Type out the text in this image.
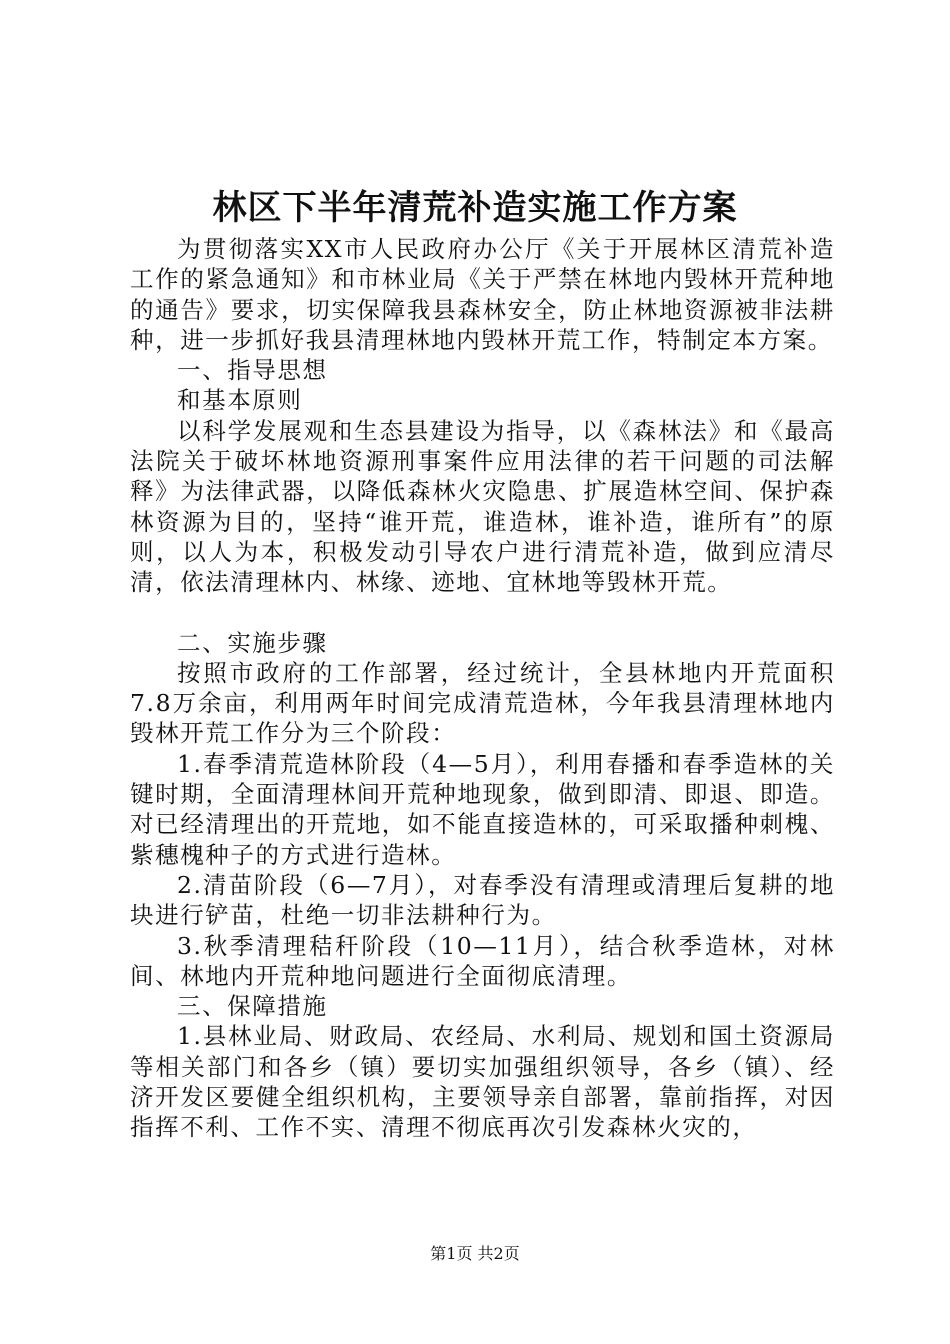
林区下半年清荒补造实施工作方案

为贯彻落实XX市人民政府办公厅《关于开展林区清荒补造工作的紧急通知》和市林业局《关于严禁在林地内毁林开荒种地的通告》要求，切实保障我县森林安全，防止林地资源被非法耕种，进一步抓好我县清理林地内毁林开荒工作，特制定本方案。

一、指导思想

和基本原则

以科学发展观和生态县建设为指导，以《森林法》和《最高法院关于破坏林地资源刑事案件应用法律的若干问题的司法解释》为法律武器，以降低森林火灾隐患、扩展造林空间、保护森林资源为目的，坚持“谁开荒，谁造林，谁补造，谁所有”的原则，以人为本，积极发动引导农户进行清荒补造，做到应清尽清，依法清理林内、林缘、迹地、宜林地等毁林开荒。

二、实施步骤

按照市政府的工作部署，经过统计，全县林地内开荒面积7.8万余亩，利用两年时间完成清荒造林，今年我县清理林地内毁林开荒工作分为三个阶段：

1.春季清荒造林阶段（4—5月），利用春播和春季造林的关键时期，全面清理林间开荒种地现象，做到即清、即退、即造。对已经清理出的开荒地，如不能直接造林的，可采取播种刺槐、紫穗槐种子的方式进行造林。

2.清苗阶段（6—7月），对春季没有清理或清理后复耕的地块进行铲苗，杜绝一切非法耕种行为。

3.秋季清理秸秆阶段（10—11月），结合秋季造林，对林间、林地内开荒种地问题进行全面彻底清理。

三、保障措施

1.县林业局、财政局、农经局、水利局、规划和国土资源局等相关部门和各乡（镇）要切实加强组织领导，各乡（镇）、经济开发区要健全组织机构，主要领导亲自部署，靠前指挥，对因指挥不利、工作不实、清理不彻底再次引发森林火灾的，

第1页 共2页
